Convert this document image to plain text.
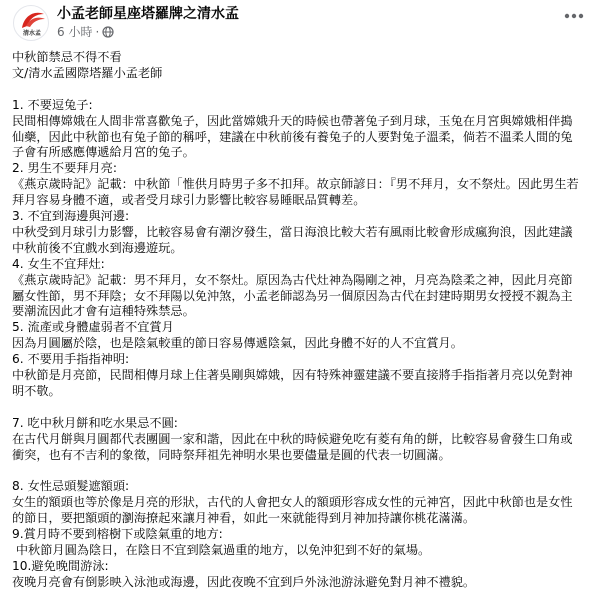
清水孟
小孟老師星座塔羅牌之清水孟
6 小時 ·

中秋節禁忌不得不看

文/清水孟國際塔羅小孟老師

1. 不要逗兔子:

民間相傳嫦娥在人間非常喜歡兔子，因此當嫦娥升天的時候也帶著兔子到月球，玉兔在月宮與嫦娥相伴搗仙藥，因此中秋節也有兔子節的稱呼，建議在中秋前後有養兔子的人要對兔子溫柔，倘若不溫柔人間的兔子會有所感應傳遞給月宮的兔子。

2. 男生不要拜月亮:

《燕京歲時記》記載：中秋節「惟供月時男子多不扣拜。故京師諺日：『男不拜月，女不祭灶。因此男生若拜月容易身體不適，或者受月球引力影響比較容易睡眠品質轉差。

3. 不宜到海邊與河邊:

中秋受到月球引力影響，比較容易會有潮汐發生，當日海浪比較大若有風雨比較會形成瘋狗浪，因此建議中秋前後不宜戲水到海邊遊玩。

4. 女生不宜拜灶:

《燕京歲時記》記載：男不拜月，女不祭灶。原因為古代灶神為陽剛之神，月亮為陰柔之神，因此月亮節屬女性節，男不拜陰；女不拜陽以免沖煞，小孟老師認為另一個原因為古代在封建時期男女授授不親為主要潮流因此才會有這種特殊禁忌。

5. 流產或身體虛弱者不宜賞月

因為月圓屬於陰，也是陰氣較重的節日容易傳遞陰氣，因此身體不好的人不宜賞月。

6. 不要用手指指神明:

中秋節是月亮節，民間相傳月球上住著吳剛與嫦娥，因有特殊神靈建議不要直接將手指指著月亮以免對神明不敬。

7. 吃中秋月餅和吃水果忌不圓:

在古代月餅與月圓都代表團圓一家和諧，因此在中秋的時候避免吃有菱有角的餅，比較容易會發生口角或衝突，也有不吉利的象徵，同時祭拜祖先神明水果也要儘量是圓的代表一切圓滿。

8. 女性忌頭髮遮額頭:

女生的額頭也等於像是月亮的形狀，古代的人會把女人的額頭形容成女性的元神宮，因此中秋節也是女性的節日，要把額頭的瀏海撩起來讓月神看，如此一來就能得到月神加持讓你桃花滿滿。

9.賞月時不要到榕樹下或陰氣重的地方:

中秋節月圓為陰日，在陰日不宜到陰氣過重的地方，以免沖犯到不好的氣場。

10.避免晚間游泳:

夜晚月亮會有倒影映入泳池或海邊，因此夜晚不宜到戶外泳池游泳避免對月神不禮貌。
